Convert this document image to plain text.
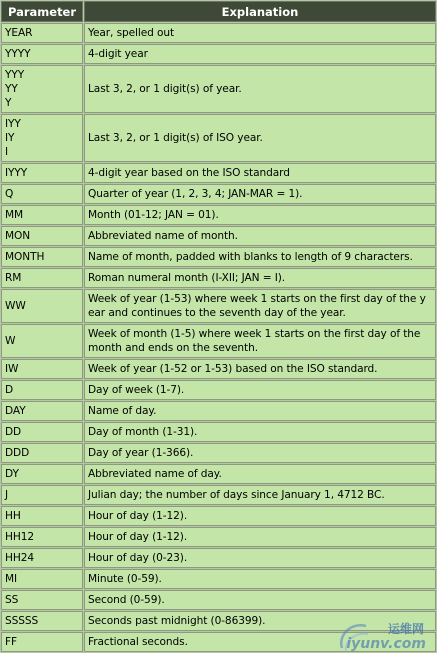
Parameter	Explanation
YEAR	Year, spelled out
YYYY	4-digit year
YYY
YY
Y	Last 3, 2, or 1 digit(s) of year.
IYY
IY
I	Last 3, 2, or 1 digit(s) of ISO year.
IYYY	4-digit year based on the ISO standard
Q	Quarter of year (1, 2, 3, 4; JAN-MAR = 1).
MM	Month (01-12; JAN = 01).
MON	Abbreviated name of month.
MONTH	Name of month, padded with blanks to length of 9 characters.
RM	Roman numeral month (I-XII; JAN = I).
WW	Week of year (1-53) where week 1 starts on the first day of the y ear and continues to the seventh day of the year.
W	Week of month (1-5) where week 1 starts on the first day of the month and ends on the seventh.
IW	Week of year (1-52 or 1-53) based on the ISO standard.
D	Day of week (1-7).
DAY	Name of day.
DD	Day of month (1-31).
DDD	Day of year (1-366).
DY	Abbreviated name of day.
J	Julian day; the number of days since January 1, 4712 BC.
HH	Hour of day (1-12).
HH12	Hour of day (1-12).
HH24	Hour of day (0-23).
MI	Minute (0-59).
SS	Second (0-59).
SSSSS	Seconds past midnight (0-86399).
FF	Fractional seconds.
运维网
iyunv.com
